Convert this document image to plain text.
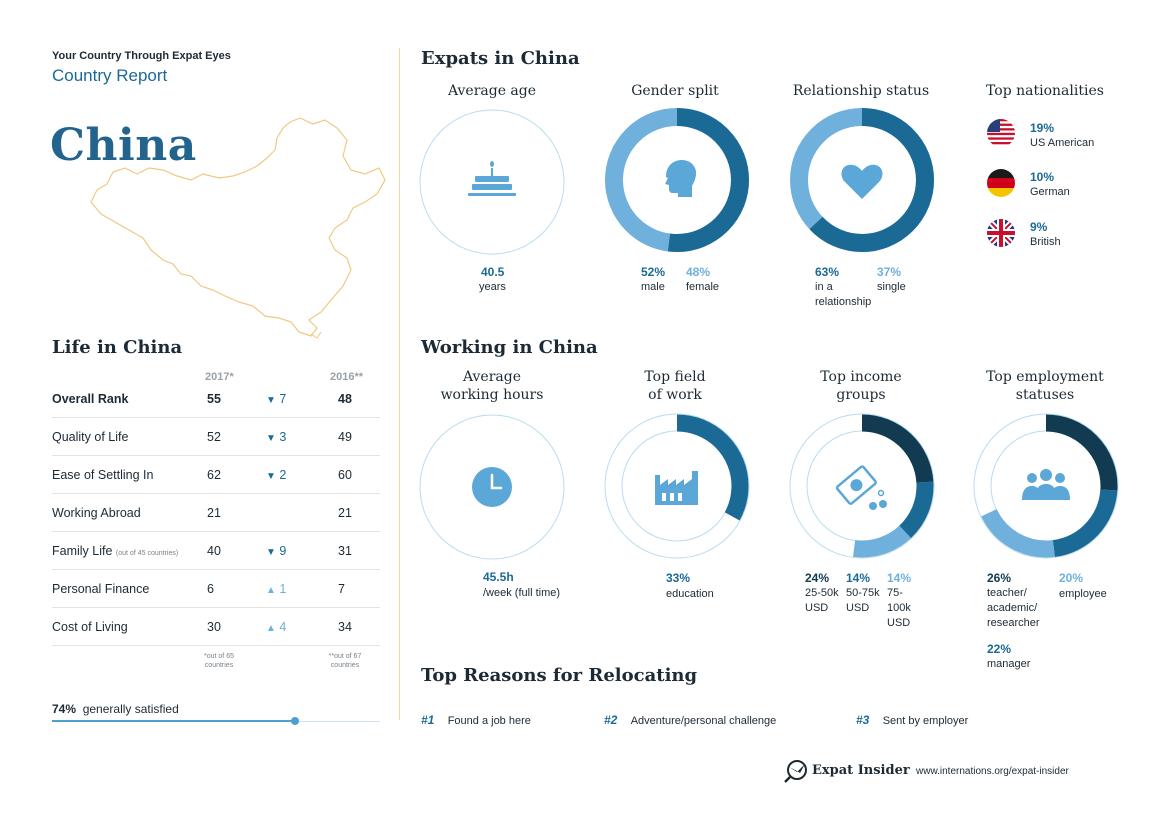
Your Country Through Expat Eyes
Country Report
China
Life in China
2017*	2016**
Overall Rank	55	▼ 7	48
Quality of Life	52	▼ 3	49
Ease of Settling In	62	▼ 2	60
Working Abroad	21	21
Family Life (out of 45 countries) 40	▼ 9	31
Personal Finance	6	▲ 1	7
Cost of Living	30	▲ 4	34
*out of 65
countries
**out of 67
countries
74% generally satisfied
Expats in China
Average age	Gender split	Relationship status	Top nationalities
40.5
years
52%
male
48%
female
63%
in a
relationship
37%
single
19%
US American
10%
German
9%
British
Working in China
Average
working hours
Top field
of work
Top income
groups
Top employment
statuses
45.5h
/week (full time)
33%
education
24%
25-50k
USD
14%
50-75k
USD
14%
75-
100k
USD
26%
teacher/
academic/
researcher
22%
manager
20%
employee
Top Reasons for Relocating
#1 Found a job here	#2 Adventure/personal challenge	#3 Sent by employer
Expat Insider www.internations.org/expat-insider
